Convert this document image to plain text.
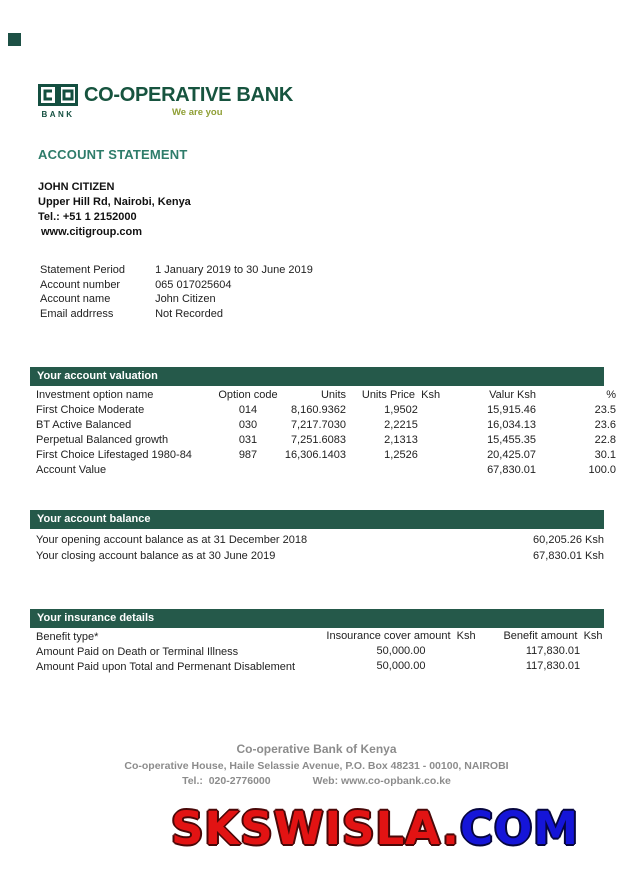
BANK
CO-OPERATIVE BANK
We are you
ACCOUNT STATEMENT
JOHN CITIZEN
Upper Hill Rd, Nairobi, Kenya
Tel.: +51 1 2152000
www.citigroup.com
Statement Period	1 January 2019 to 30 June 2019
Account number	065 017025604
Account name	John Citizen
Email addrress	Not Recorded
Your account valuation
Investment option name	Option code	Units	Units Price  Ksh	Valur Ksh	%
First Choice Moderate	014	8,160.9362	1,9502	15,915.46	23.5
BT Active Balanced	030	7,217.7030	2,2215	16,034.13	23.6
Perpetual Balanced growth	031	7,251.6083	2,1313	15,455.35	22.8
First Choice Lifestaged 1980-84	987	16,306.1403	1,2526	20,425.07	30.1
Account Value				67,830.01	100.0
Your account balance
Your opening account balance as at 31 December 2018	60,205.26 Ksh
Your closing account balance as at 30 June 2019	67,830.01 Ksh
Your insurance details
Benefit type*	Insourance cover amount  Ksh	Benefit amount  Ksh
Amount Paid on Death or Terminal Illness	50,000.00	117,830.01
Amount Paid upon Total and Permenant Disablement	50,000.00	117,830.01
Co-operative Bank of Kenya
Co-operative House, Haile Selassie Avenue, P.O. Box 48231 - 00100, NAIROBI
Tel.:  020-2776000	Web: www.co-opbank.co.ke
SKSWISLA.COM
